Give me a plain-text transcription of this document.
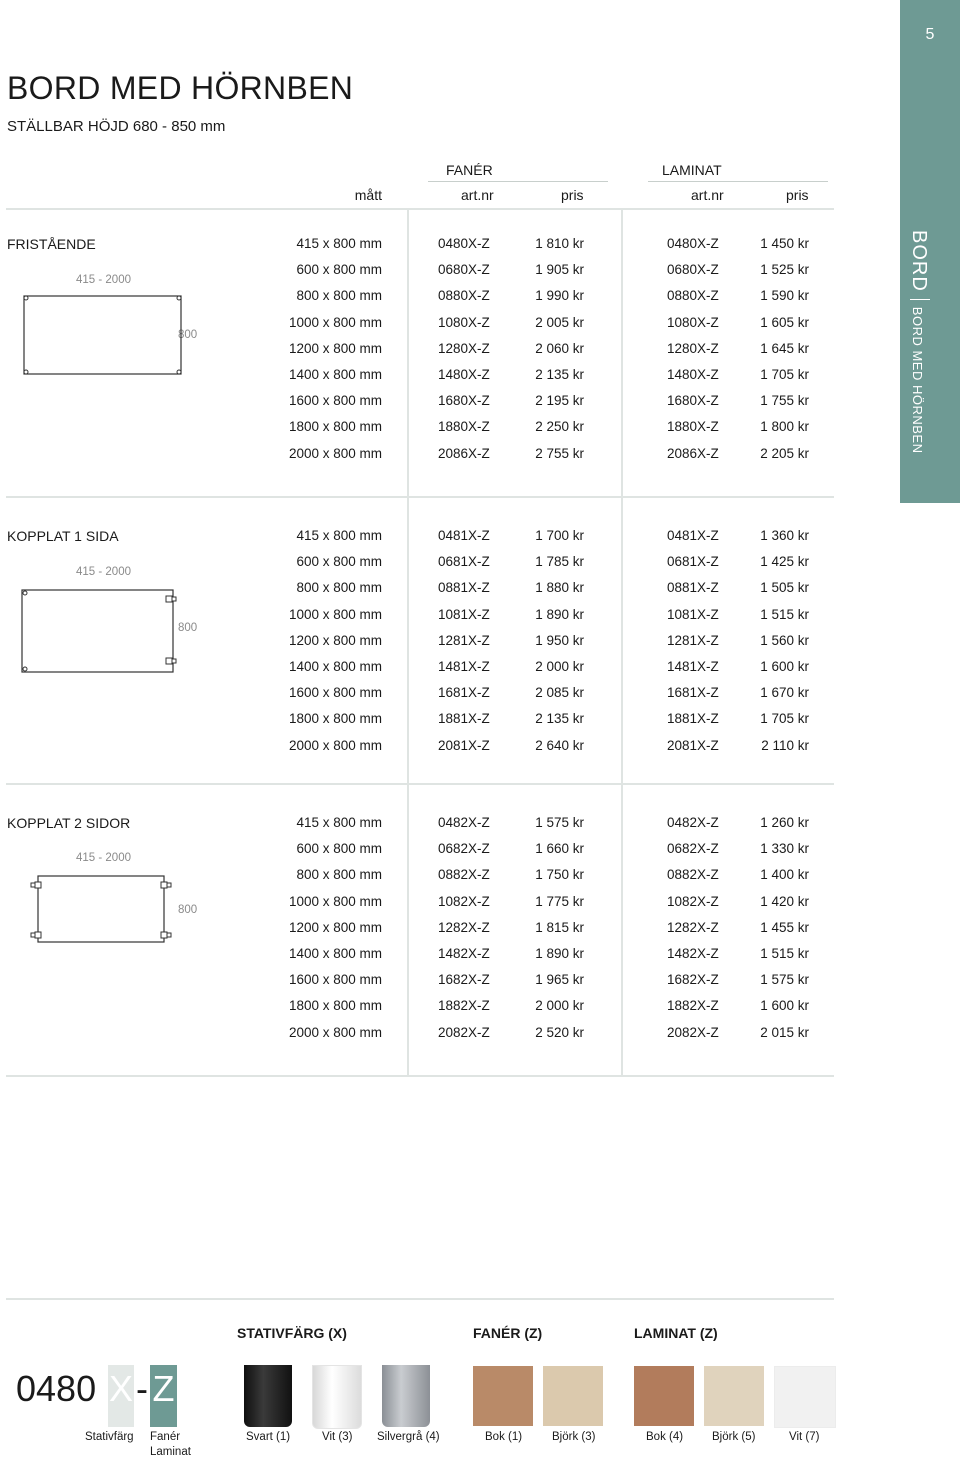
5
BORDBORD MED HÖRNBEN
BORD MED HÖRNBEN
STÄLLBAR HÖJD 680 - 850 mm
FANÉR	LAMINAT
mått	art.nr	pris	art.nr	pris
FRISTÅENDE
415 - 2000
800
415 x 800 mm	0480X-Z	1 810 kr	0480X-Z	1 450 kr
600 x 800 mm	0680X-Z	1 905 kr	0680X-Z	1 525 kr
800 x 800 mm	0880X-Z	1 990 kr	0880X-Z	1 590 kr
1000 x 800 mm	1080X-Z	2 005 kr	1080X-Z	1 605 kr
1200 x 800 mm	1280X-Z	2 060 kr	1280X-Z	1 645 kr
1400 x 800 mm	1480X-Z	2 135 kr	1480X-Z	1 705 kr
1600 x 800 mm	1680X-Z	2 195 kr	1680X-Z	1 755 kr
1800 x 800 mm	1880X-Z	2 250 kr	1880X-Z	1 800 kr
2000 x 800 mm	2086X-Z	2 755 kr	2086X-Z	2 205 kr
KOPPLAT 1 SIDA
415 - 2000
800
415 x 800 mm	0481X-Z	1 700 kr	0481X-Z	1 360 kr
600 x 800 mm	0681X-Z	1 785 kr	0681X-Z	1 425 kr
800 x 800 mm	0881X-Z	1 880 kr	0881X-Z	1 505 kr
1000 x 800 mm	1081X-Z	1 890 kr	1081X-Z	1 515 kr
1200 x 800 mm	1281X-Z	1 950 kr	1281X-Z	1 560 kr
1400 x 800 mm	1481X-Z	2 000 kr	1481X-Z	1 600 kr
1600 x 800 mm	1681X-Z	2 085 kr	1681X-Z	1 670 kr
1800 x 800 mm	1881X-Z	2 135 kr	1881X-Z	1 705 kr
2000 x 800 mm	2081X-Z	2 640 kr	2081X-Z	2 110 kr
KOPPLAT 2 SIDOR
415 - 2000
800
415 x 800 mm	0482X-Z	1 575 kr	0482X-Z	1 260 kr
600 x 800 mm	0682X-Z	1 660 kr	0682X-Z	1 330 kr
800 x 800 mm	0882X-Z	1 750 kr	0882X-Z	1 400 kr
1000 x 800 mm	1082X-Z	1 775 kr	1082X-Z	1 420 kr
1200 x 800 mm	1282X-Z	1 815 kr	1282X-Z	1 455 kr
1400 x 800 mm	1482X-Z	1 890 kr	1482X-Z	1 515 kr
1600 x 800 mm	1682X-Z	1 965 kr	1682X-Z	1 575 kr
1800 x 800 mm	1882X-Z	2 000 kr	1882X-Z	1 600 kr
2000 x 800 mm	2082X-Z	2 520 kr	2082X-Z	2 015 kr
STATIVFÄRG (X)	FANÉR (Z)	LAMINAT (Z)
0480 X - Z
Stativfärg Fanér
Laminat
Svart (1)	Vit (3) Silvergrå (4)	Bok (1)	Björk (3)	Bok (4)	Björk (5)	Vit (7)
